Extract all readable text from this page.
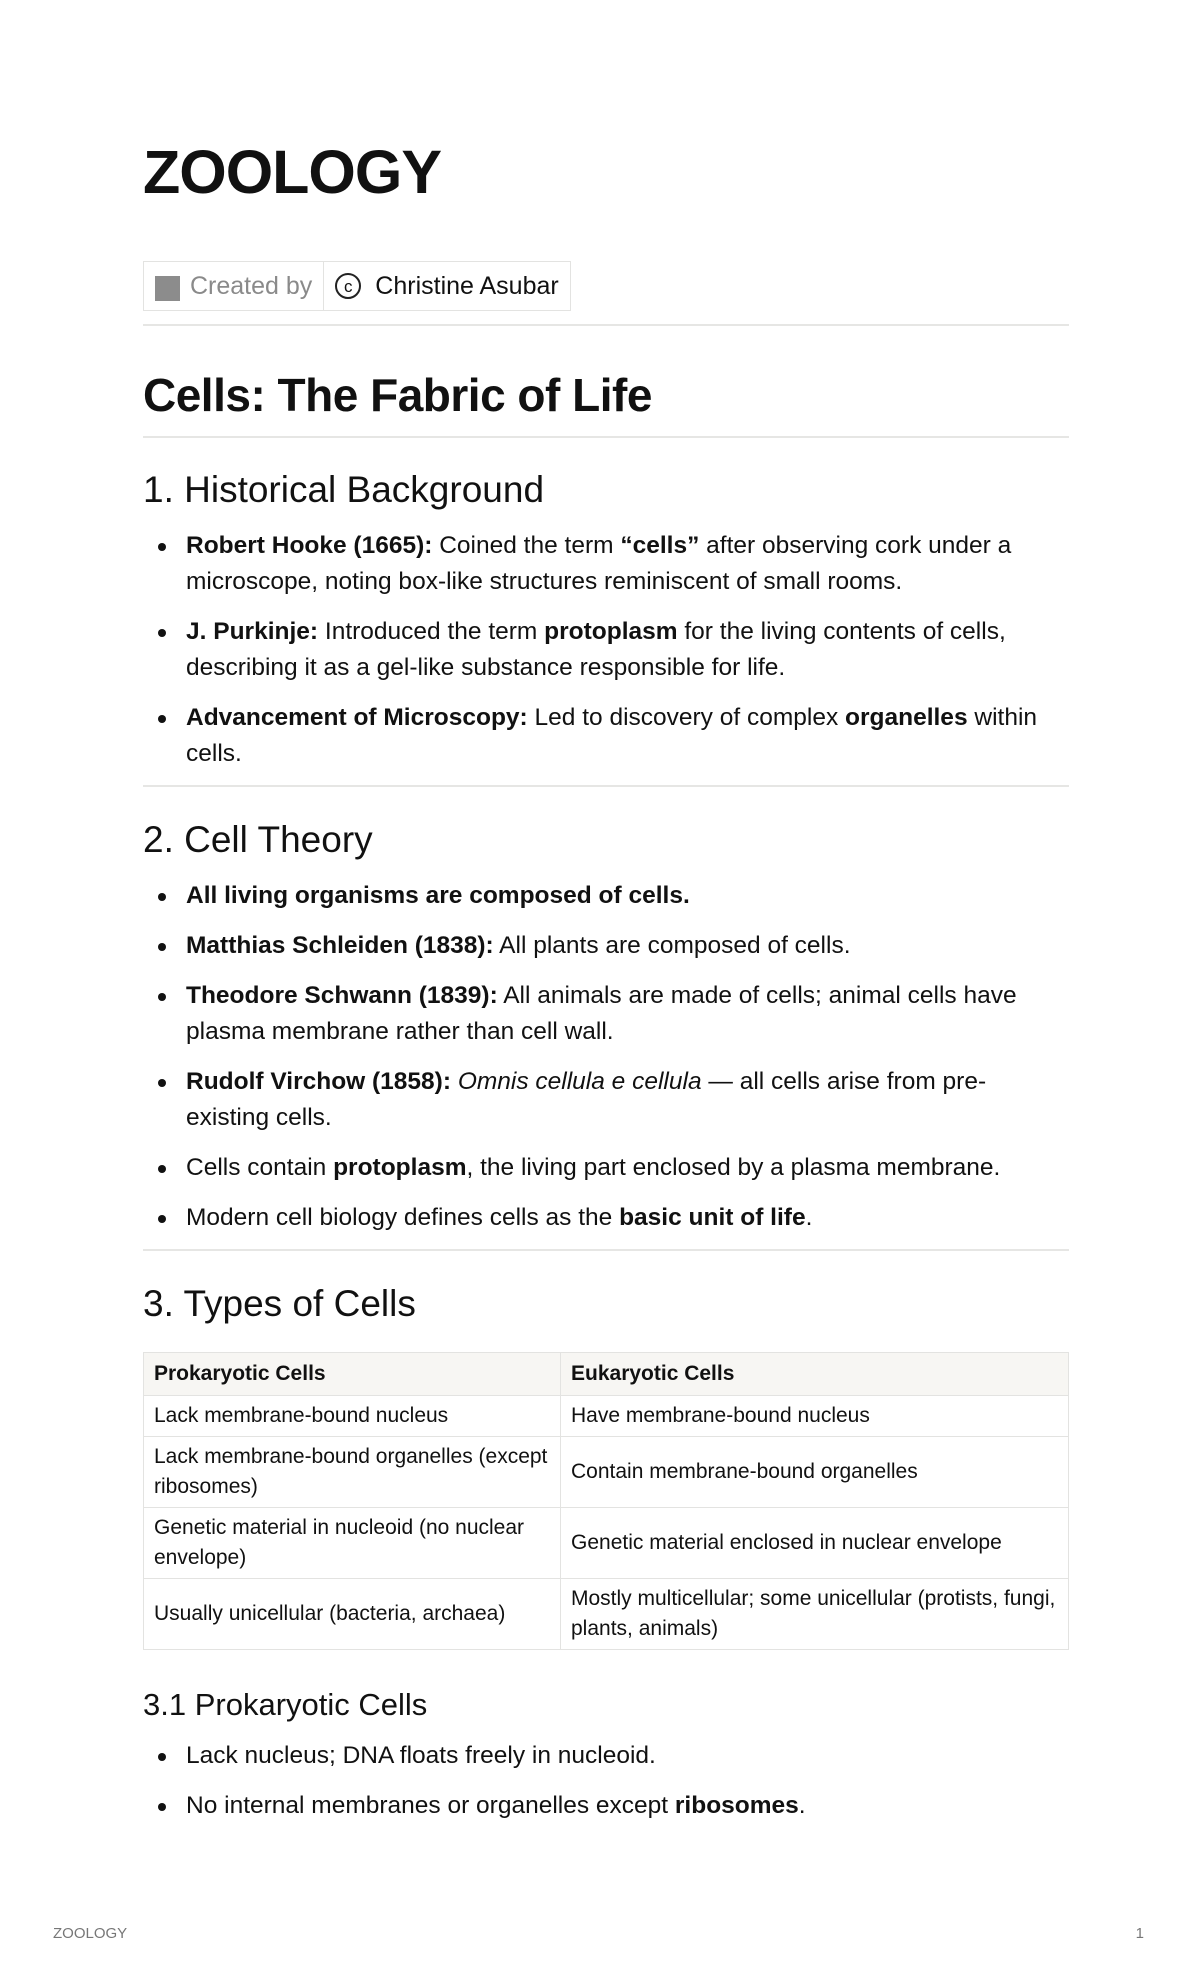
ZOOLOGY
Created by	c Christine Asubar
Cells: The Fabric of Life
1. Historical Background
Robert Hooke (1665): Coined the term “cells” after observing cork under a microscope, noting box-like structures reminiscent of small rooms.
J. Purkinje: Introduced the term protoplasm for the living contents of cells, describing it as a gel-like substance responsible for life.
Advancement of Microscopy: Led to discovery of complex organelles within cells.
2. Cell Theory
All living organisms are composed of cells.
Matthias Schleiden (1838): All plants are composed of cells.
Theodore Schwann (1839): All animals are made of cells; animal cells have plasma membrane rather than cell wall.
Rudolf Virchow (1858): Omnis cellula e cellula — all cells arise from pre-existing cells.
Cells contain protoplasm, the living part enclosed by a plasma membrane.
Modern cell biology defines cells as the basic unit of life.
3. Types of Cells
Prokaryotic Cells	Eukaryotic Cells
Lack membrane-bound nucleus	Have membrane-bound nucleus
Lack membrane-bound organelles (except ribosomes)	Contain membrane-bound organelles
Genetic material in nucleoid (no nuclear envelope)	Genetic material enclosed in nuclear envelope
Usually unicellular (bacteria, archaea)	Mostly multicellular; some unicellular (protists, fungi, plants, animals)
3.1 Prokaryotic Cells
Lack nucleus; DNA floats freely in nucleoid.
No internal membranes or organelles except ribosomes.
ZOOLOGY	1
